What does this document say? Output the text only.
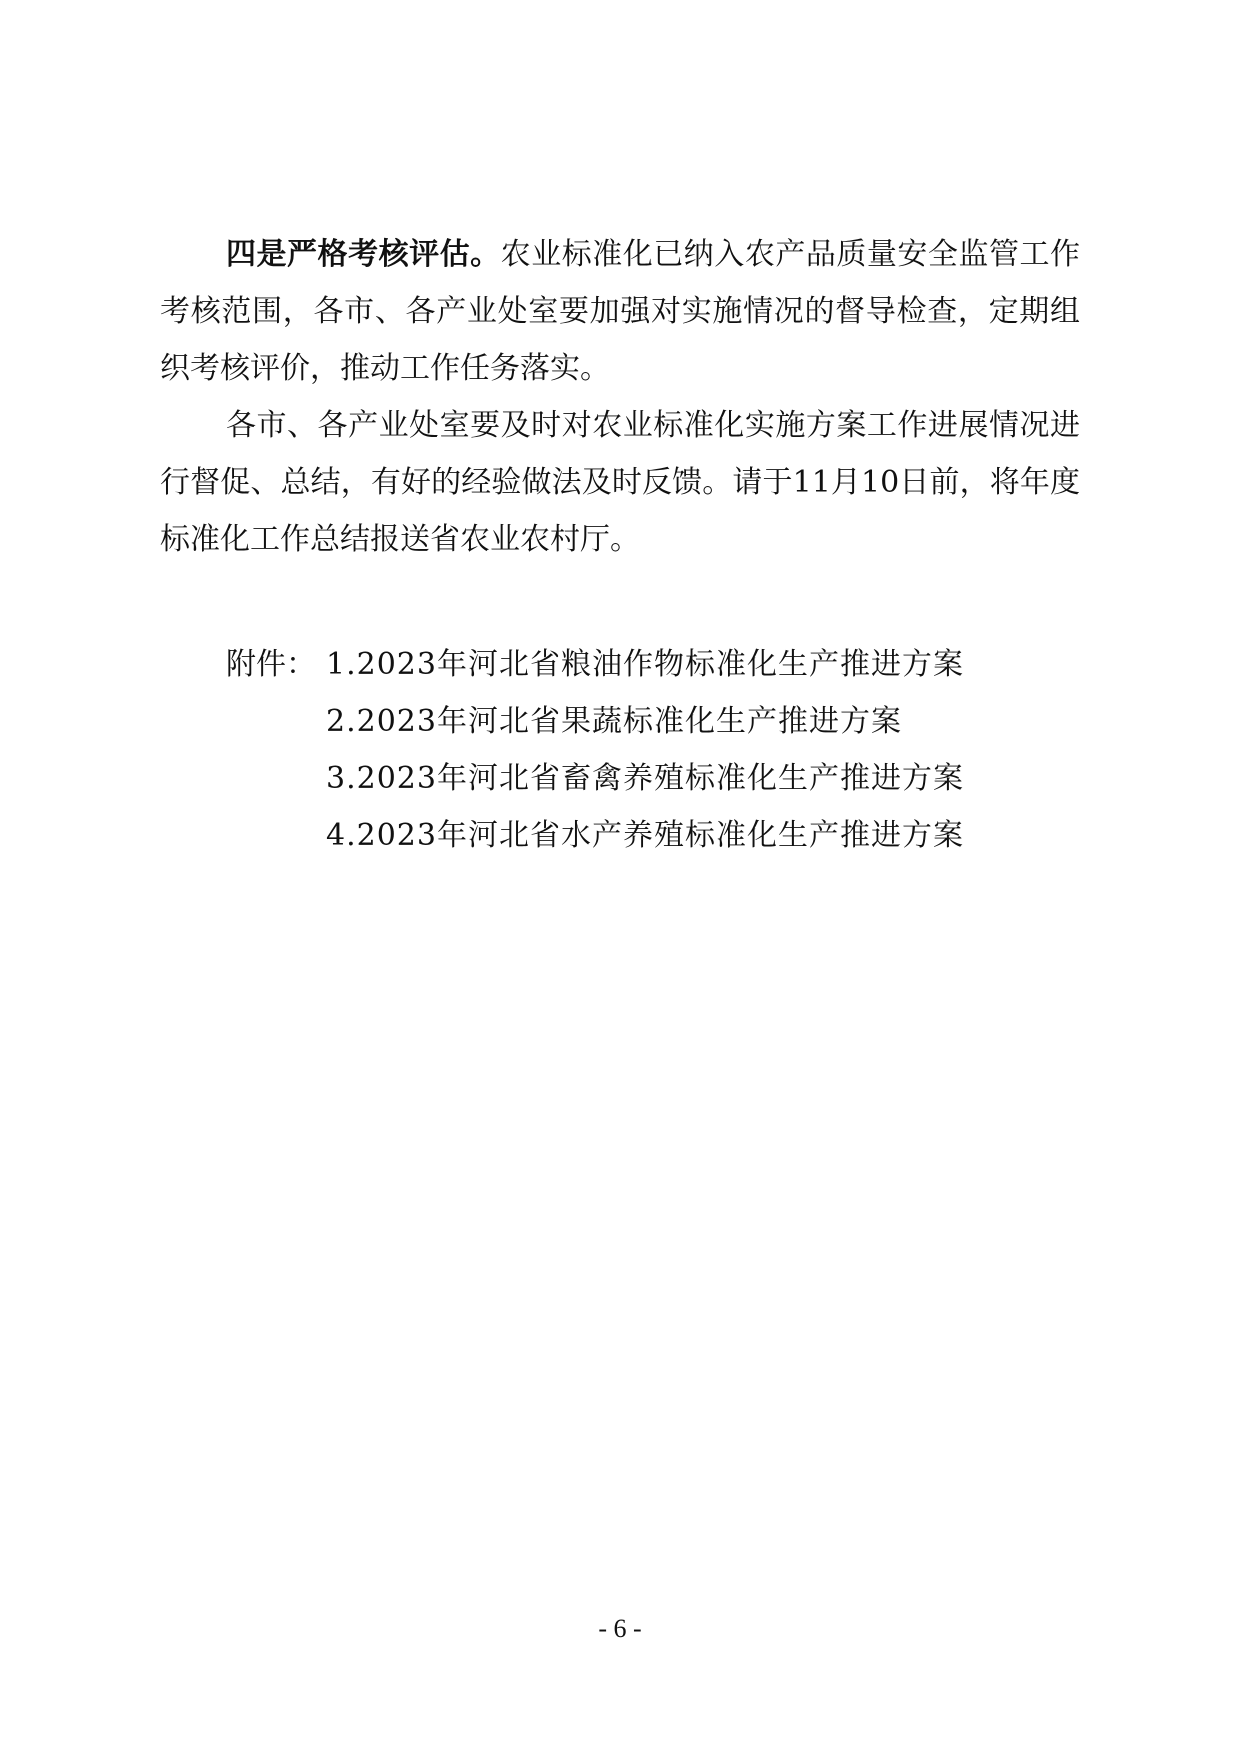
四是严格考核评估。农业标准化已纳入农产品质量安全监管工作考核范围，各市、各产业处室要加强对实施情况的督导检查，定期组织考核评价，推动工作任务落实。

各市、各产业处室要及时对农业标准化实施方案工作进展情况进行督促、总结，有好的经验做法及时反馈。请于11月10日前，将年度标准化工作总结报送省农业农村厅。

附件： 1.2023年河北省粮油作物标准化生产推进方案
2.2023年河北省果蔬标准化生产推进方案
3.2023年河北省畜禽养殖标准化生产推进方案
4.2023年河北省水产养殖标准化生产推进方案
- 6 -
